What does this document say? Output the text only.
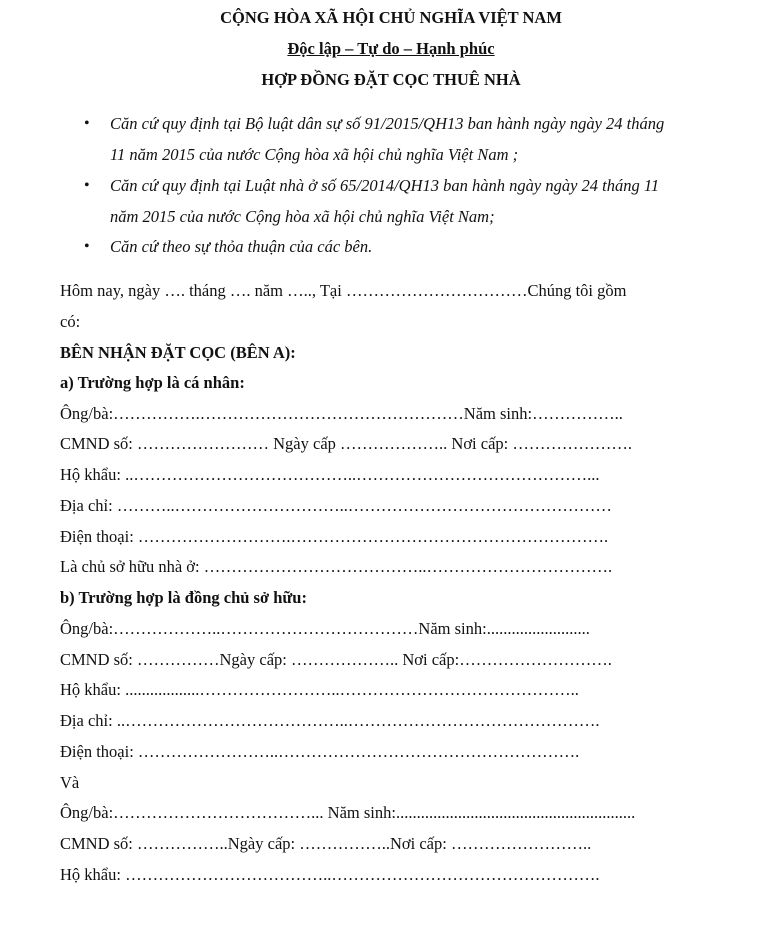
CỘNG HÒA XÃ HỘI CHỦ NGHĨA VIỆT NAM
Độc lập – Tự do – Hạnh phúc
HỢP ĐỒNG ĐẶT CỌC THUÊ NHÀ
• Căn cứ quy định tại Bộ luật dân sự số 91/2015/QH13 ban hành ngày ngày 24 tháng
11 năm 2015 của nước Cộng hòa xã hội chủ nghĩa Việt Nam ;
• Căn cứ quy định tại Luật nhà ở số 65/2014/QH13 ban hành ngày ngày 24 tháng 11
năm 2015 của nước Cộng hòa xã hội chủ nghĩa Việt Nam;
• Căn cứ theo sự thỏa thuận của các bên.
Hôm nay, ngày …. tháng …. năm ….., Tại ……………………………Chúng tôi gồm
có:
BÊN NHẬN ĐẶT CỌC (BÊN A):
a) Trường hợp là cá nhân:
Ông/bà:…………….…………………………………………Năm sinh:……………..
CMND số: …………………… Ngày cấp ……………….. Nơi cấp: ………………….
Hộ khẩu: ..…………………………………..……………………………………...
Địa chỉ: ………..…………………………..…………………………………………
Điện thoại: ……………………….………………………………………………….
Là chủ sở hữu nhà ở: …………………………………..…………………………….
b) Trường hợp là đồng chủ sở hữu:
Ông/bà:………………..………………………………Năm sinh:.........................
CMND số: ……………Ngày cấp: ……………….. Nơi cấp:……………………….
Hộ khẩu: ..................……………………..……………………………………..
Địa chỉ: ..…………………………………..……………………………………….
Điện thoại: ……………………..……………………………………………….
Và
Ông/bà:………………………………... Năm sinh:..........................................................
CMND số: ……………..Ngày cấp: ……………..Nơi cấp: ……………………..
Hộ khẩu: ………………………………..………………………………………….
